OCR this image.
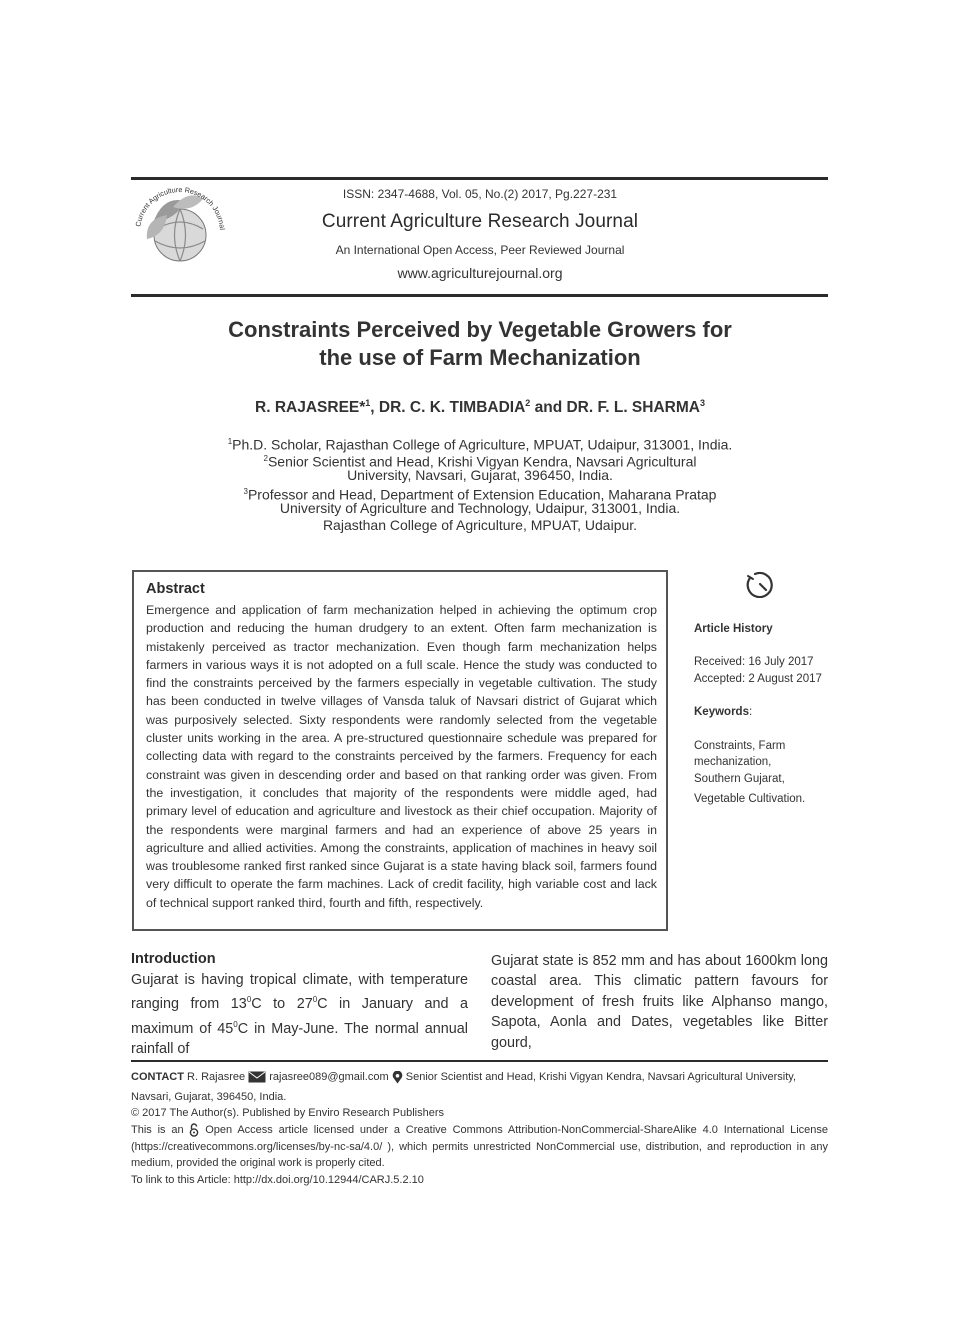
Current Agriculture Research Journal
ISSN: 2347-4688, Vol. 05, No.(2) 2017, Pg.227-231
Current Agriculture Research Journal
An International Open Access, Peer Reviewed Journal
www.agriculturejournal.org
Constraints Perceived by Vegetable Growers for
the use of Farm Mechanization
R. RAJASREE*$^1$, DR. C. K. TIMBADIA$^2$ and DR. F. L. SHARMA$^3$
$^1$Ph.D. Scholar, Rajasthan College of Agriculture, MPUAT, Udaipur, 313001, India.
$^2$Senior Scientist and Head, Krishi Vigyan Kendra, Navsari Agricultural
University, Navsari, Gujarat, 396450, India.
$^3$Professor and Head, Department of Extension Education, Maharana Pratap
University of Agriculture and Technology, Udaipur, 313001, India.
Rajasthan College of Agriculture, MPUAT, Udaipur.
Abstract
Emergence and application of farm mechanization helped in achieving the optimum crop production and reducing the human drudgery to an extent. Often farm mechanization is mistakenly perceived as tractor mechanization. Even though farm mechanization helps farmers in various ways it is not adopted on a full scale. Hence the study was conducted to find the constraints perceived by the farmers especially in vegetable cultivation. The study has been conducted in twelve villages of Vansda taluk of Navsari district of Gujarat which was purposively selected. Sixty respondents were randomly selected from the vegetable cluster units working in the area. A pre-structured questionnaire schedule was prepared for collecting data with regard to the constraints perceived by the farmers. Frequency for each constraint was given in descending order and based on that ranking order was given. From the investigation, it concludes that majority of the respondents were middle aged, had primary level of education and agriculture and livestock as their chief occupation. Majority of the respondents were marginal farmers and had an experience of above 25 years in agriculture and allied activities. Among the constraints, application of machines in heavy soil was troublesome ranked first ranked since Gujarat is a state having black soil, farmers found very difficult to operate the farm machines. Lack of credit facility, high variable cost and lack of technical support ranked third, fourth and fifth, respectively.
Article History
Received: 16 July 2017
Accepted: 2 August 2017
Keywords:
Constraints, Farm
mechanization,
Southern Gujarat,
Vegetable Cultivation.
Introduction
Gujarat is having tropical climate, with temperature ranging from $13^0C$ to $27^0C$ in January and a maximum of $45^0C$ in May-June. The normal annual rainfall of
Gujarat state is 852 mm and has about 1600km long coastal area. This climatic pattern favours for development of fresh fruits like Alphanso mango, Sapota, Aonla and Dates, vegetables like Bitter gourd,
CONTACT R. Rajasree  rajasree089@gmail.com  Senior Scientist and Head, Krishi Vigyan Kendra, Navsari Agricultural University,
Navsari, Gujarat, 396450, India.
© 2017 The Author(s). Published by Enviro Research Publishers
This is an  Open Access article licensed under a Creative Commons Attribution-NonCommercial-ShareAlike 4.0 International License (https://creativecommons.org/licenses/by-nc-sa/4.0/ ), which permits unrestricted NonCommercial use, distribution, and reproduction in any medium, provided the original work is properly cited.
To link to this Article: http://dx.doi.org/10.12944/CARJ.5.2.10
